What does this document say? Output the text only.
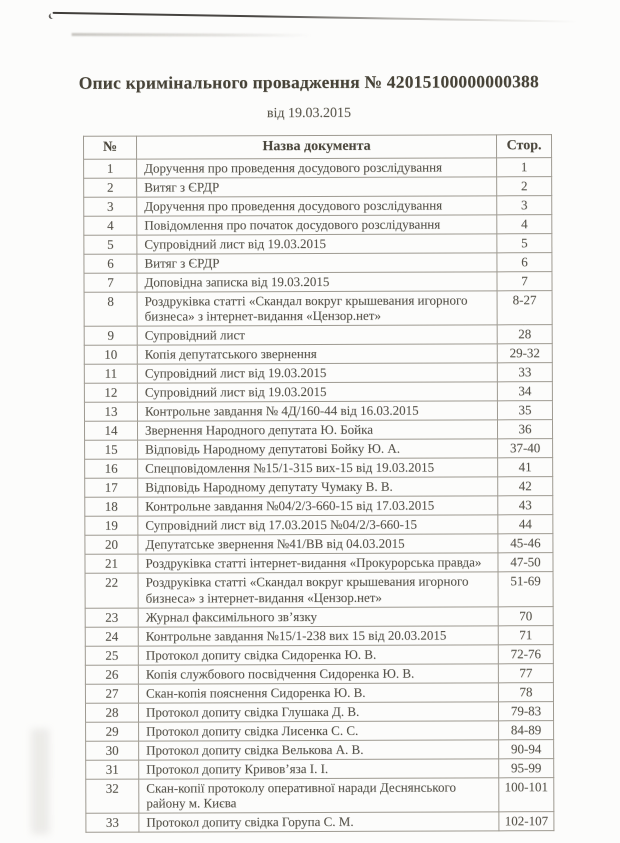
Опис кримінального провадження № 42015100000000388
від 19.03.2015
№	Назва документа	Стор.
1	Доручення про проведення досудового розслідування	1
2	Витяг з ЄРДР	2
3	Доручення про проведення досудового розслідування	3
4	Повідомлення про початок досудового розслідування	4
5	Супровідний лист від 19.03.2015	5
6	Витяг з ЄРДР	6
7	Доповідна записка від 19.03.2015	7
8	Роздруківка статті «Скандал вокруг крышевания игорного бизнеса» з інтернет-видання «Цензор.нет»	8-27
9	Супровідний лист	28
10	Копія депутатського звернення	29-32
11	Супровідний лист від 19.03.2015	33
12	Супровідний лист від 19.03.2015	34
13	Контрольне завдання № 4Д/160-44 від 16.03.2015	35
14	Звернення Народного депутата Ю. Бойка	36
15	Відповідь Народному депутатові Бойку Ю. А.	37-40
16	Спецповідомлення №15/1-315 вих-15 від 19.03.2015	41
17	Відповідь Народному депутату Чумаку В. В.	42
18	Контрольне завдання №04/2/3-660-15 від 17.03.2015	43
19	Супровідний лист від 17.03.2015 №04/2/3-660-15	44
20	Депутатське звернення №41/ВВ від 04.03.2015	45-46
21	Роздруківка статті інтернет-видання «Прокурорська правда»	47-50
22	Роздруківка статті «Скандал вокруг крышевания игорного бизнеса» з інтернет-видання «Цензор.нет»	51-69
23	Журнал факсимільного зв’язку	70
24	Контрольне завдання №15/1-238 вих 15 від 20.03.2015	71
25	Протокол допиту свідка Сидоренка Ю. В.	72-76
26	Копія службового посвідчення Сидоренка Ю. В.	77
27	Скан-копія пояснення Сидоренка Ю. В.	78
28	Протокол допиту свідка Глушака Д. В.	79-83
29	Протокол допиту свідка Лисенка С. С.	84-89
30	Протокол допиту свідка Велькова А. В.	90-94
31	Протокол допиту Кривов’яза І. І.	95-99
32	Скан-копії протоколу оперативної наради Деснянського району м. Києва	100-101
33	Протокол допиту свідка Горупа С. М.	102-107
